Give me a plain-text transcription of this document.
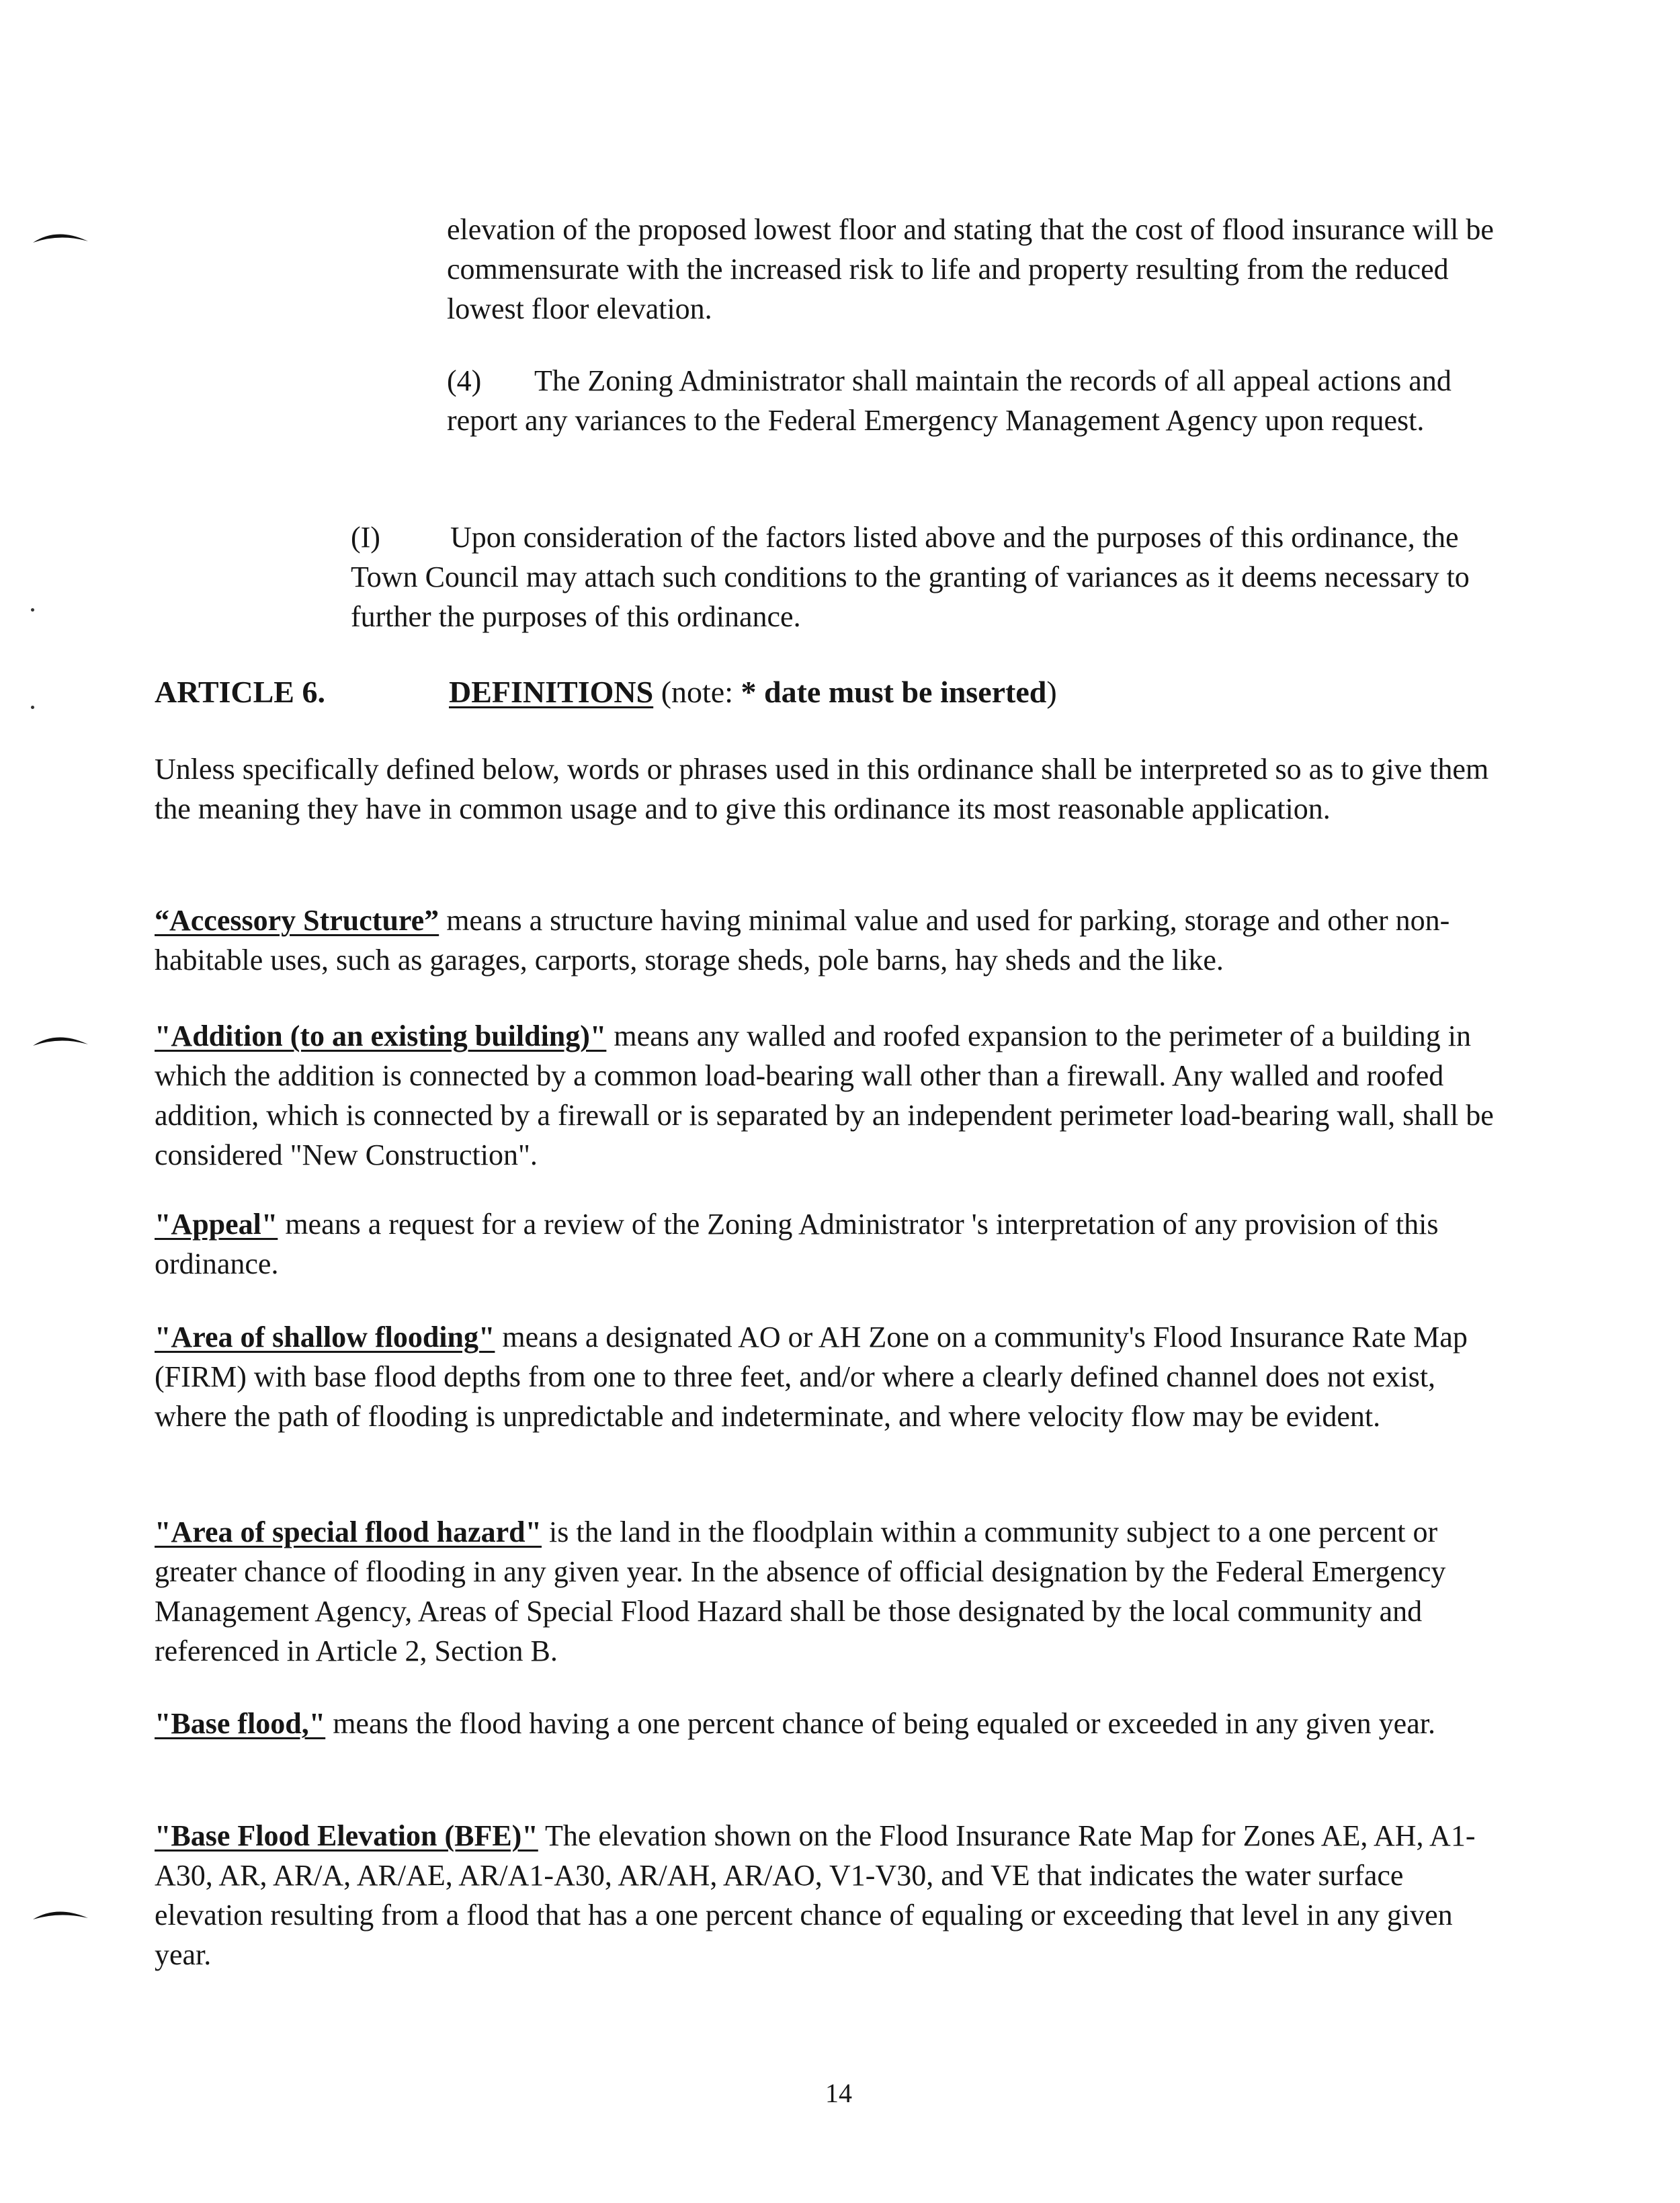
elevation of the proposed lowest floor and stating that the cost of flood insurance will be commensurate with the increased risk to life and property resulting from the reduced lowest floor elevation.
(4) The Zoning Administrator shall maintain the records of all appeal actions and report any variances to the Federal Emergency Management Agency upon request.
(I) Upon consideration of the factors listed above and the purposes of this ordinance, the Town Council may attach such conditions to the granting of variances as it deems necessary to further the purposes of this ordinance.
ARTICLE 6.	DEFINITIONS (note: * date must be inserted)
Unless specifically defined below, words or phrases used in this ordinance shall be interpreted so as to give them the meaning they have in common usage and to give this ordinance its most reasonable application.
“Accessory Structure” means a structure having minimal value and used for parking, storage and other non-habitable uses, such as garages, carports, storage sheds, pole barns, hay sheds and the like.
"Addition (to an existing building)" means any walled and roofed expansion to the perimeter of a building in which the addition is connected by a common load-bearing wall other than a firewall. Any walled and roofed addition, which is connected by a firewall or is separated by an independent perimeter load-bearing wall, shall be considered "New Construction".
"Appeal" means a request for a review of the Zoning Administrator 's interpretation of any provision of this ordinance.
"Area of shallow flooding" means a designated AO or AH Zone on a community's Flood Insurance Rate Map (FIRM) with base flood depths from one to three feet, and/or where a clearly defined channel does not exist, where the path of flooding is unpredictable and indeterminate, and where velocity flow may be evident.
"Area of special flood hazard" is the land in the floodplain within a community subject to a one percent or greater chance of flooding in any given year. In the absence of official designation by the Federal Emergency Management Agency, Areas of Special Flood Hazard shall be those designated by the local community and referenced in Article 2, Section B.
"Base flood," means the flood having a one percent chance of being equaled or exceeded in any given year.
"Base Flood Elevation (BFE)" The elevation shown on the Flood Insurance Rate Map for Zones AE, AH, A1-A30, AR, AR/A, AR/AE, AR/A1-A30, AR/AH, AR/AO, V1-V30, and VE that indicates the water surface elevation resulting from a flood that has a one percent chance of equaling or exceeding that level in any given year.
14
